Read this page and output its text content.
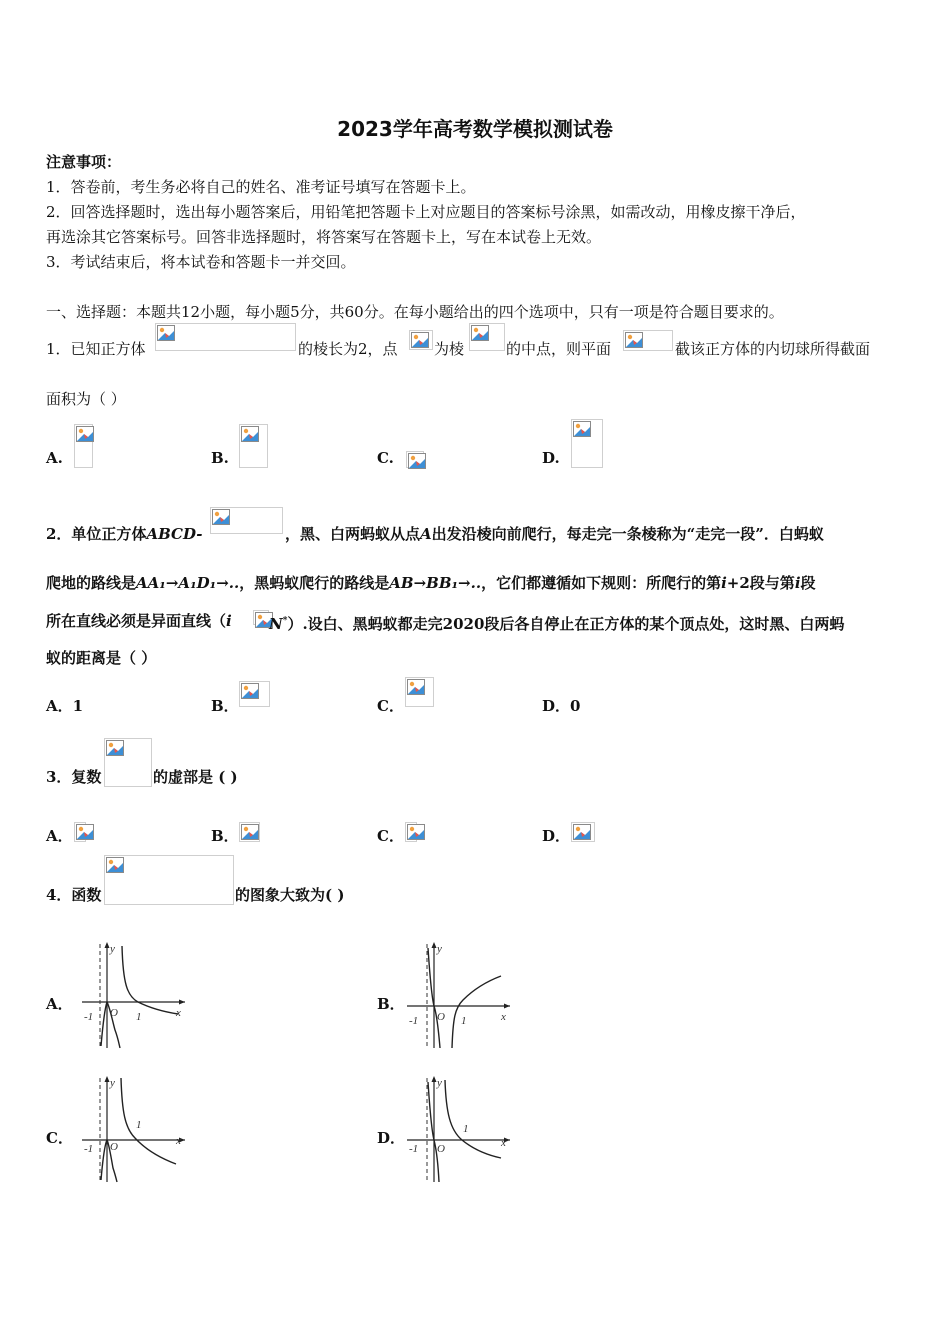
2023学年高考数学模拟测试卷
注意事项：
1．答卷前，考生务必将自己的姓名、准考证号填写在答题卡上。
2．回答选择题时，选出每小题答案后，用铅笔把答题卡上对应题目的答案标号涂黑，如需改动，用橡皮擦干净后，
再选涂其它答案标号。回答非选择题时，将答案写在答题卡上，写在本试卷上无效。
3．考试结束后，将本试卷和答题卡一并交回。
一、选择题：本题共12小题，每小题5分，共60分。在每小题给出的四个选项中，只有一项是符合题目要求的。
1．已知正方体	的棱长为2，点 为棱	的中点，则平面	截该正方体的内切球所得截面
面积为（ ）
A.	B.	C.	D.
2．单位正方体ABCD-	，黑、白两蚂蚁从点A出发沿棱向前爬行，每走完一条棱称为“走完一段”．白蚂蚁
爬地的路线是AA₁→A₁D₁→..，黑蚂蚁爬行的路线是AB→BB₁→..，它们都遵循如下规则：所爬行的第i+2段与第i段
所在直线必须是异面直线（i N*）.设白、黑蚂蚁都走完2020段后各自停止在正方体的某个顶点处，这时黑、白两蚂
蚁的距离是（ ）
A．1	B．	C．	D．0
3．复数	的虚部是 ( )
A．	B．	C．	D．
4．函数	的图象大致为( )
A．
y
x
-1 O 1
B．
y
x
-1 O 1
C．
y
x
-1 O
1
D．
y
x
-1 O
1
